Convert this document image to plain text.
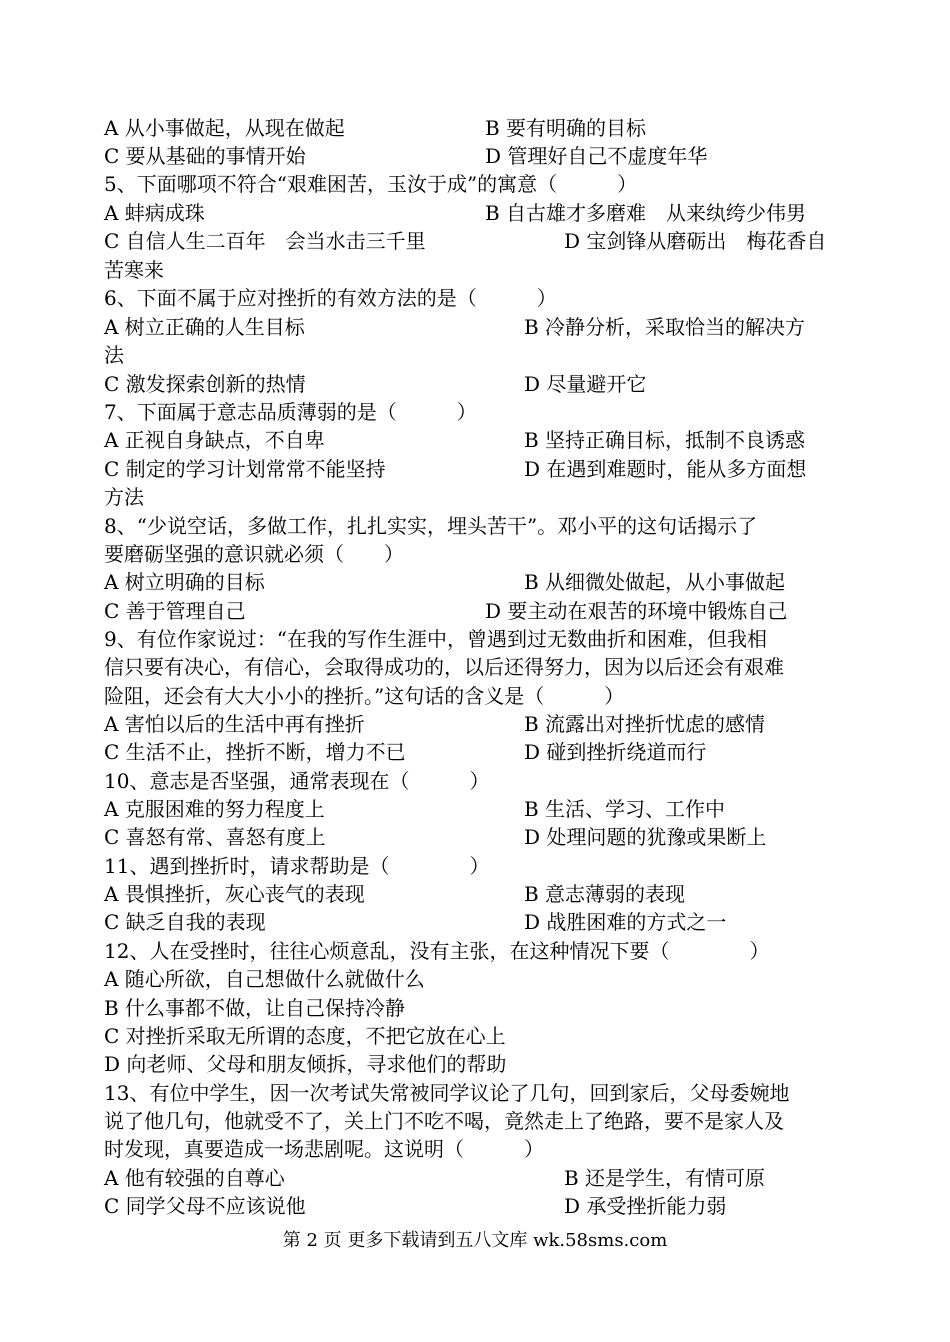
A 从小事做起，从现在做起	B 要有明确的目标
C 要从基础的事情开始	D 管理好自己不虚度年华
5、下面哪项不符合“艰难困苦，玉汝于成”的寓意（　　　）
A 蚌病成珠	B 自古雄才多磨难　从来纨绔少伟男
C 自信人生二百年　会当水击三千里	D 宝剑锋从磨砺出　梅花香自
苦寒来
6、下面不属于应对挫折的有效方法的是（　　　）
A 树立正确的人生目标	B 冷静分析，采取恰当的解决方
法
C 激发探索创新的热情	D 尽量避开它
7、下面属于意志品质薄弱的是（　　　）
A 正视自身缺点，不自卑	B 坚持正确目标，抵制不良诱惑
C 制定的学习计划常常不能坚持	D 在遇到难题时，能从多方面想
方法
8、“少说空话，多做工作，扎扎实实，埋头苦干”。邓小平的这句话揭示了
要磨砺坚强的意识就必须（　　）
A 树立明确的目标	B 从细微处做起，从小事做起
C 善于管理自己	D 要主动在艰苦的环境中锻炼自己
9、有位作家说过：“在我的写作生涯中，曾遇到过无数曲折和困难，但我相
信只要有决心，有信心，会取得成功的，以后还得努力，因为以后还会有艰难
险阻，还会有大大小小的挫折。”这句话的含义是（　　　）
A 害怕以后的生活中再有挫折	B 流露出对挫折忧虑的感情
C 生活不止，挫折不断，增力不已	D 碰到挫折绕道而行
10、意志是否坚强，通常表现在（　　　）
A 克服困难的努力程度上	B 生活、学习、工作中
C 喜怒有常、喜怒有度上	D 处理问题的犹豫或果断上
11、遇到挫折时，请求帮助是（　　　　）
A 畏惧挫折，灰心丧气的表现	B 意志薄弱的表现
C 缺乏自我的表现	D 战胜困难的方式之一
12、人在受挫时，往往心烦意乱，没有主张，在这种情况下要（　　　　）
A 随心所欲，自己想做什么就做什么
B 什么事都不做，让自己保持冷静
C 对挫折采取无所谓的态度，不把它放在心上
D 向老师、父母和朋友倾拆，寻求他们的帮助
13、有位中学生，因一次考试失常被同学议论了几句，回到家后，父母委婉地
说了他几句，他就受不了，关上门不吃不喝，竟然走上了绝路，要不是家人及
时发现，真要造成一场悲剧呢。这说明（　　　）
A 他有较强的自尊心	B 还是学生，有情可原
C 同学父母不应该说他	D 承受挫折能力弱
第 2 页 更多下载请到五八文库 wk.58sms.com
